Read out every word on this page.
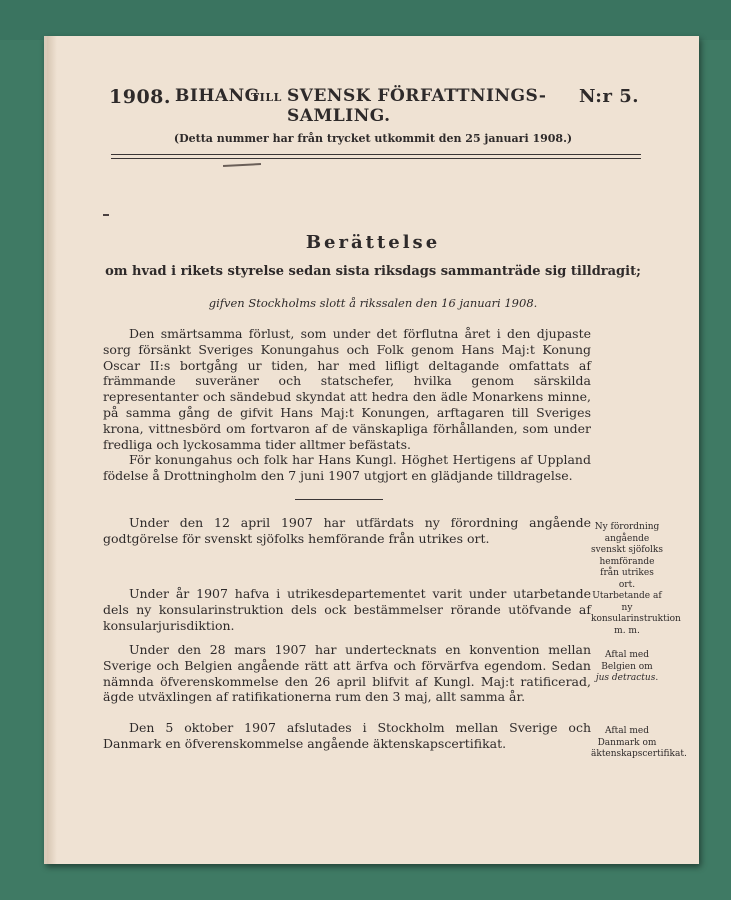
1908. BIHANG
TILL SVENSK FÖRFATTNINGS-SAMLING.
N:r 5.
(Detta nummer har från trycket utkommit den 25 januari 1908.)
Berättelse
om hvad i rikets styrelse sedan sista riksdags sammanträde sig tilldragit;
gifven Stockholms slott å rikssalen den 16 januari 1908.

Den smärtsamma förlust, som under det förflutna året i den djupaste sorg försänkt Sveriges Konungahus och Folk genom Hans Maj:t Konung Oscar II:s bortgång ur tiden, har med lifligt deltagande omfattats af främmande suveräner och statschefer, hvilka genom särskilda representanter och sändebud skyndat att hedra den ädle Monarkens minne, på samma gång de gifvit Hans Maj:t Konungen, arftagaren till Sveriges krona, vittnesbörd om fortvaron af de vänskapliga förhållanden, som under fredliga och lyckosamma tider alltmer befästats.

För konungahus och folk har Hans Kungl. Höghet Hertigens af Uppland födelse å Drottningholm den 7 juni 1907 utgjort en glädjande tilldragelse.

Under den 12 april 1907 har utfärdats ny förordning angående godtgörelse för svenskt sjöfolks hemförande från utrikes ort.

Ny förordning angående svenskt sjöfolks hemförande från utrikes ort.

Under år 1907 hafva i utrikesdepartementet varit under utarbetande dels ny konsularinstruktion dels ock bestämmelser rörande utöfvande af konsularjurisdiktion.

Utarbetande af ny konsularinstruktion m. m.

Under den 28 mars 1907 har undertecknats en konvention mellan Sverige och Belgien angående rätt att ärfva och förvärfva egendom. Sedan nämnda öfverenskommelse den 26 april blifvit af Kungl. Maj:t ratificerad, ägde utväxlingen af ratifikationerna rum den 3 maj, allt samma år.

Aftal med Belgien om
jus detractus.

Den 5 oktober 1907 afslutades i Stockholm mellan Sverige och Danmark en öfverenskommelse angående äktenskapscertifikat.

Aftal med Danmark om äktenskapscertifikat.
